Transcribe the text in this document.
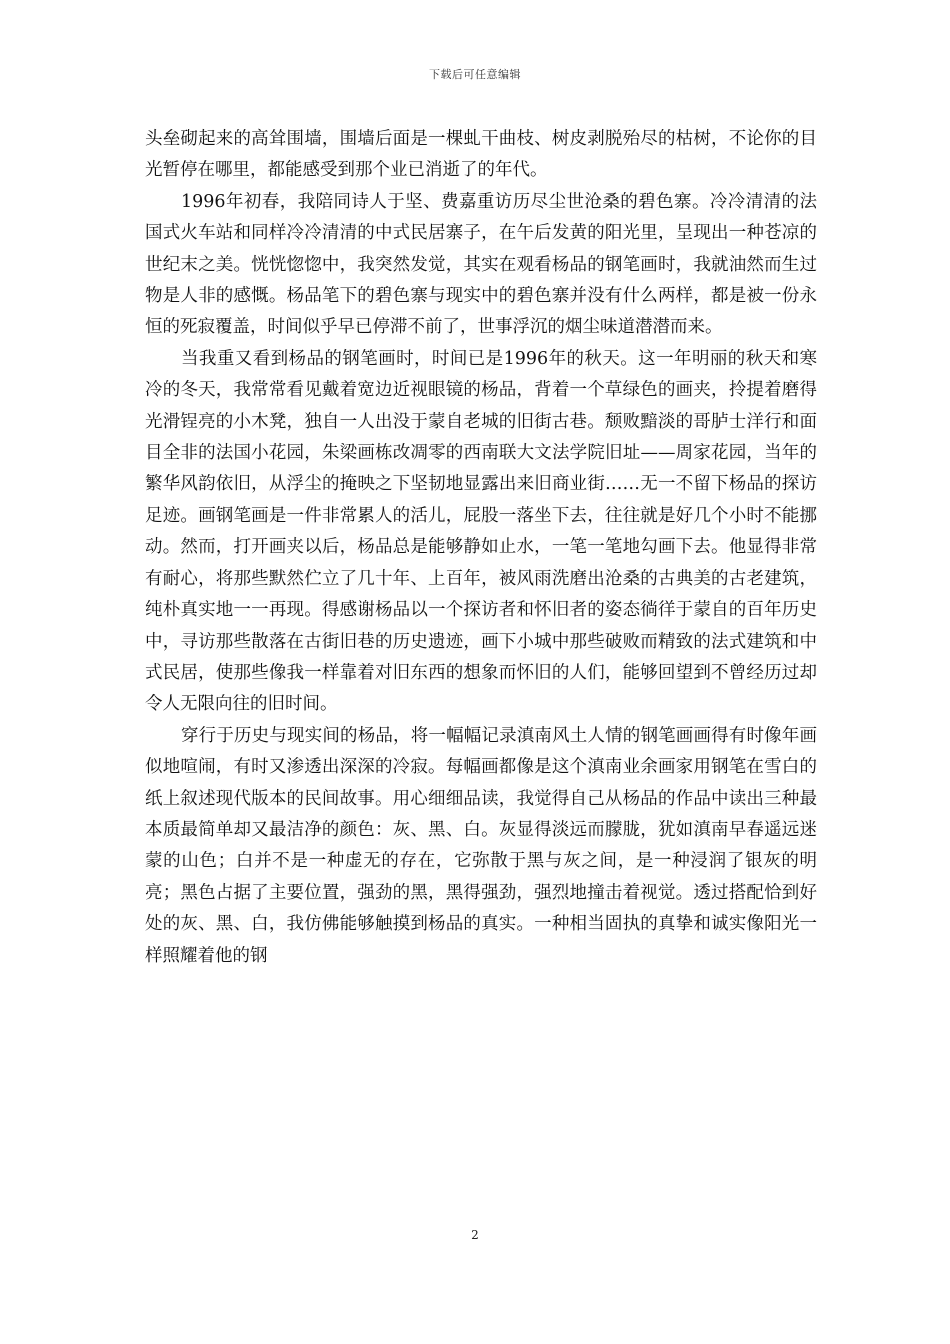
下载后可任意编辑

头垒砌起来的高耸围墙，围墙后面是一棵虬干曲枝、树皮剥脱殆尽的枯树，不论你的目光暂停在哪里，都能感受到那个业已消逝了的年代。

1996年初春，我陪同诗人于坚、费嘉重访历尽尘世沧桑的碧色寨。冷冷清清的法国式火车站和同样冷冷清清的中式民居寨子，在午后发黄的阳光里，呈现出一种苍凉的世纪末之美。恍恍惚惚中，我突然发觉，其实在观看杨品的钢笔画时，我就油然而生过物是人非的感慨。杨品笔下的碧色寨与现实中的碧色寨并没有什么两样，都是被一份永恒的死寂覆盖，时间似乎早已停滞不前了，世事浮沉的烟尘味道潜潜而来。

当我重又看到杨品的钢笔画时，时间已是1996年的秋天。这一年明丽的秋天和寒冷的冬天，我常常看见戴着宽边近视眼镜的杨品，背着一个草绿色的画夹，拎提着磨得光滑锃亮的小木凳，独自一人出没于蒙自老城的旧街古巷。颓败黯淡的哥胪士洋行和面目全非的法国小花园，朱梁画栋改凋零的西南联大文法学院旧址——周家花园，当年的繁华风韵依旧，从浮尘的掩映之下坚韧地显露出来旧商业街……无一不留下杨品的探访足迹。画钢笔画是一件非常累人的活儿，屁股一落坐下去，往往就是好几个小时不能挪动。然而，打开画夹以后，杨品总是能够静如止水，一笔一笔地勾画下去。他显得非常有耐心，将那些默然伫立了几十年、上百年，被风雨洗磨出沧桑的古典美的古老建筑，纯朴真实地一一再现。得感谢杨品以一个探访者和怀旧者的姿态徜徉于蒙自的百年历史中，寻访那些散落在古街旧巷的历史遗迹，画下小城中那些破败而精致的法式建筑和中式民居，使那些像我一样靠着对旧东西的想象而怀旧的人们，能够回望到不曾经历过却令人无限向往的旧时间。

穿行于历史与现实间的杨品，将一幅幅记录滇南风土人情的钢笔画画得有时像年画似地喧闹，有时又渗透出深深的冷寂。每幅画都像是这个滇南业余画家用钢笔在雪白的纸上叙述现代版本的民间故事。用心细细品读，我觉得自己从杨品的作品中读出三种最本质最简单却又最洁净的颜色：灰、黑、白。灰显得淡远而朦胧，犹如滇南早春遥远迷蒙的山色；白并不是一种虚无的存在，它弥散于黑与灰之间，是一种浸润了银灰的明亮；黑色占据了主要位置，强劲的黑，黑得强劲，强烈地撞击着视觉。透过搭配恰到好处的灰、黑、白，我仿佛能够触摸到杨品的真实。一种相当固执的真挚和诚实像阳光一样照耀着他的钢

2
